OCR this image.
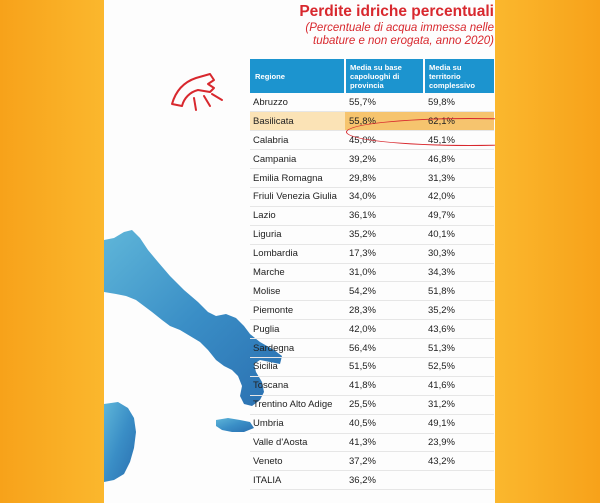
Perdite idriche percentuali

(Percentuale di acqua immessa nelle
tubature e non erogata, anno 2020)

Regione	Media su base capoluoghi di provincia	Media su territorio complessivo
Abruzzo	55,7%	59,8%
Basilicata	55,8%	62,1%
Calabria	45,0%	45,1%
Campania	39,2%	46,8%
Emilia Romagna	29,8%	31,3%
Friuli Venezia Giulia	34,0%	42,0%
Lazio	36,1%	49,7%
Liguria	35,2%	40,1%
Lombardia	17,3%	30,3%
Marche	31,0%	34,3%
Molise	54,2%	51,8%
Piemonte	28,3%	35,2%
Puglia	42,0%	43,6%
Sardegna	56,4%	51,3%
Sicilia	51,5%	52,5%
Toscana	41,8%	41,6%
Trentino Alto Adige	25,5%	31,2%
Umbria	40,5%	49,1%
Valle d'Aosta	41,3%	23,9%
Veneto	37,2%	43,2%
ITALIA	36,2%	
